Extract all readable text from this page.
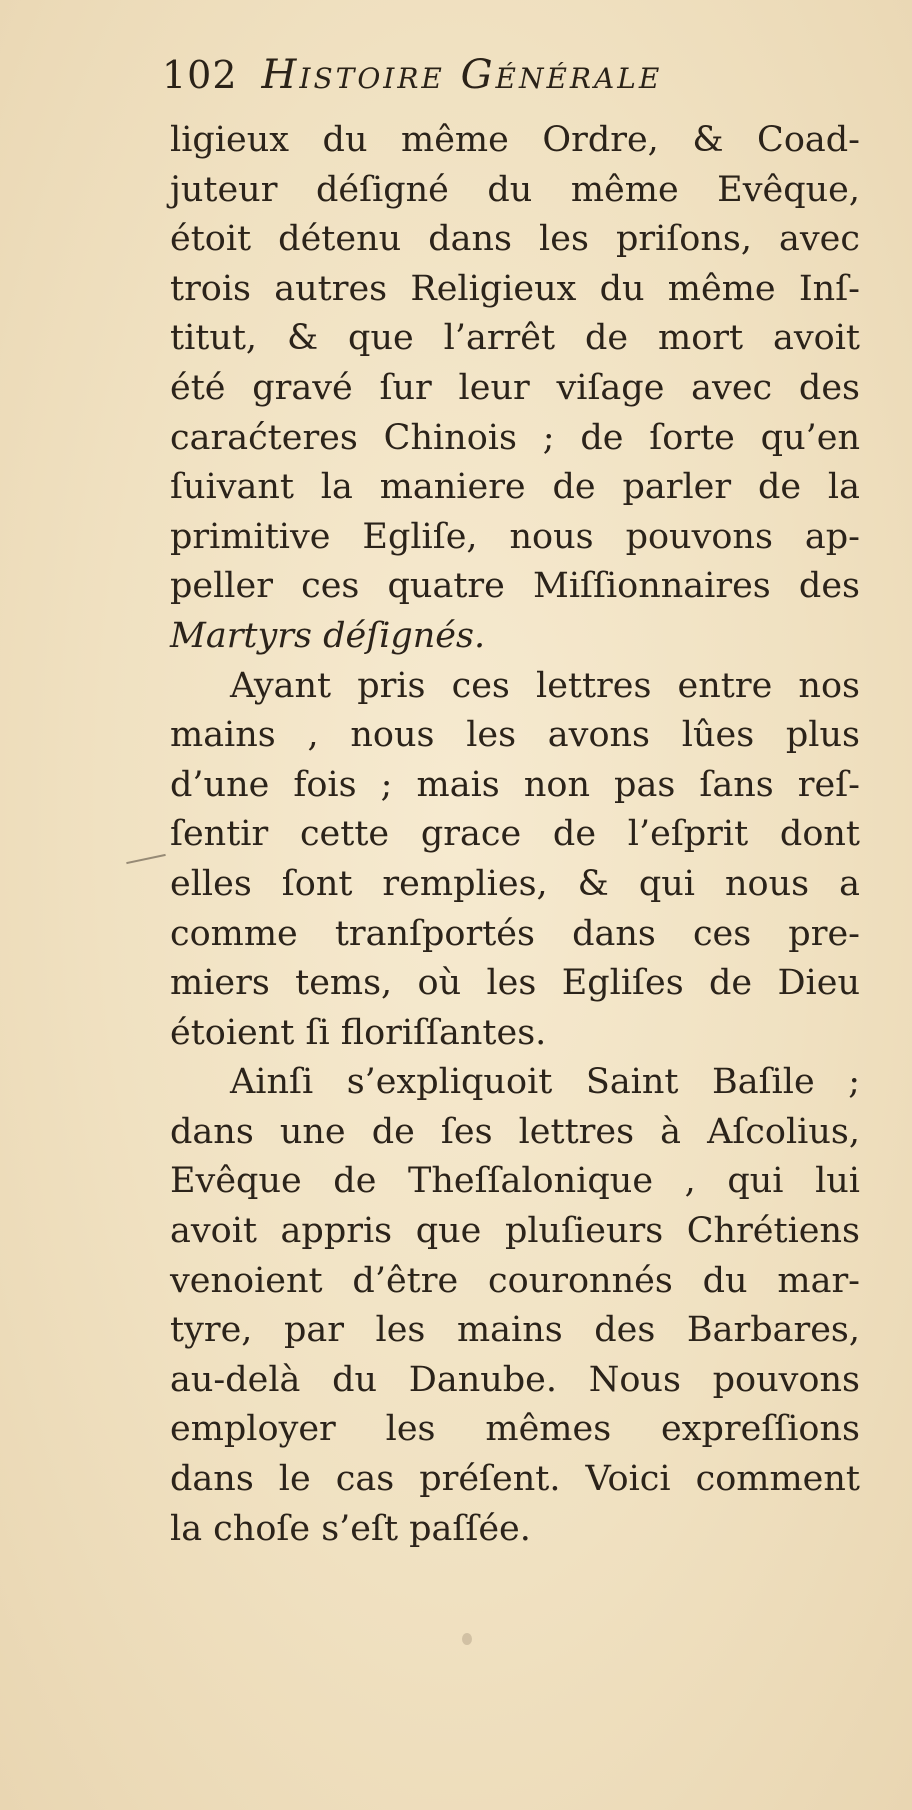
102 Histoire Générale
ligieux du même Ordre, & Coad-
juteur déſigné du même Evêque,
étoit détenu dans les priſons, avec
trois autres Religieux du même Inſ-
titut, & que l’arrêt de mort avoit
été gravé ſur leur viſage avec des
caraćteres Chinois ; de ſorte qu’en
ſuivant la maniere de parler de la
primitive Egliſe, nous pouvons ap-
peller ces quatre Miſſionnaires des
Martyrs déſignés.
Ayant pris ces lettres entre nos
mains , nous les avons lûes plus
d’une fois ; mais non pas ſans reſ-
ſentir cette grace de l’eſprit dont
elles ſont remplies, & qui nous a
comme tranſportés dans ces pre-
miers tems, où les Egliſes de Dieu
étoient ſi floriſſantes.
Ainſi s’expliquoit Saint Baſile ;
dans une de ſes lettres à Aſcolius,
Evêque de Theſſalonique , qui lui
avoit appris que pluſieurs Chrétiens
venoient d’être couronnés du mar-
tyre, par les mains des Barbares,
au-delà du Danube. Nous pouvons
employer les mêmes expreſſions
dans le cas préſent. Voici comment
la choſe s’eſt paſſée.
